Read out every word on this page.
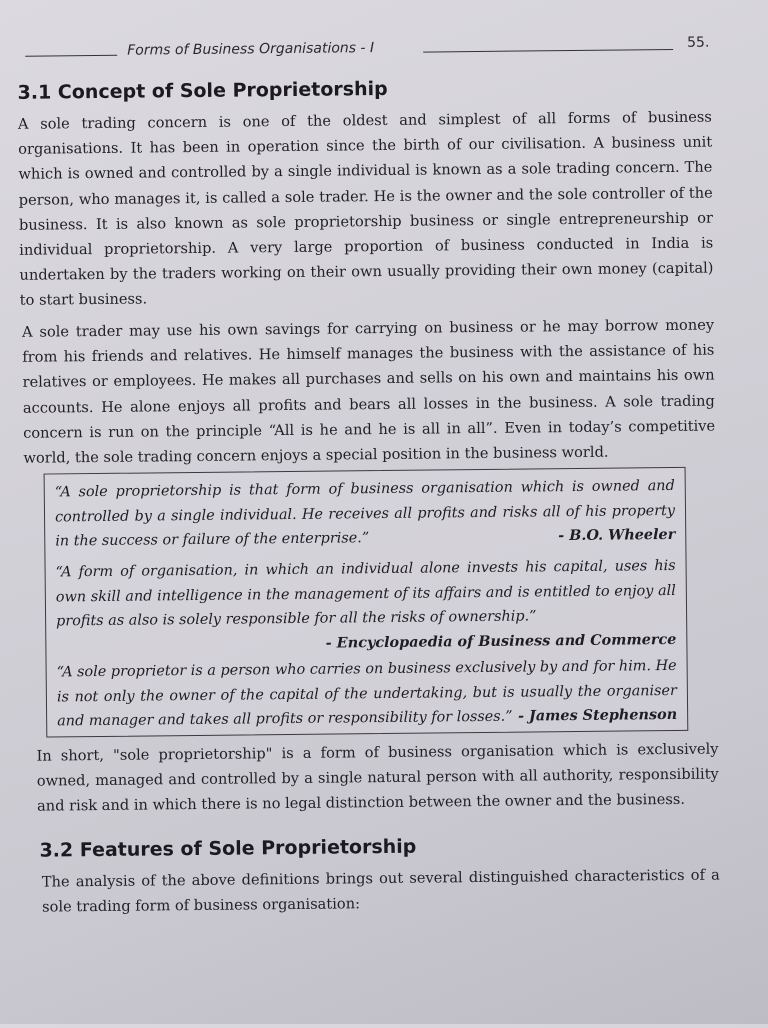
Forms of Business Organisations - I	55.
3.1 Concept of Sole Proprietorship

A sole trading concern is one of the oldest and simplest of all forms of business organisations. It has been in operation since the birth of our civilisation. A business unit which is owned and controlled by a single individual is known as a sole trading concern. The person, who manages it, is called a sole trader. He is the owner and the sole controller of the business. It is also known as sole proprietorship business or single entrepreneurship or individual proprietorship. A very large proportion of business conducted in India is undertaken by the traders working on their own usually providing their own money (capital) to start business.

A sole trader may use his own savings for carrying on business or he may borrow money from his friends and relatives. He himself manages the business with the assistance of his relatives or employees. He makes all purchases and sells on his own and maintains his own accounts. He alone enjoys all profits and bears all losses in the business. A sole trading concern is run on the principle “All is he and he is all in all”. Even in today’s competitive world, the sole trading concern enjoys a special position in the business world.

“A sole proprietorship is that form of business organisation which is owned and controlled by a single individual. He receives all profits and risks all of his property in the success or failure of the enterprise.”	- B.O. Wheeler
“A form of organisation, in which an individual alone invests his capital, uses his own skill and intelligence in the management of its affairs and is entitled to enjoy all profits as also is solely responsible for all the risks of ownership.”
- Encyclopaedia of Business and Commerce
“A sole proprietor is a person who carries on business exclusively by and for him. He is not only the owner of the capital of the undertaking, but is usually the organiser and manager and takes all profits or responsibility for losses.” - James Stephenson

In short, "sole proprietorship" is a form of business organisation which is exclusively owned, managed and controlled by a single natural person with all authority, responsibility and risk and in which there is no legal distinction between the owner and the business.

3.2 Features of Sole Proprietorship

The analysis of the above definitions brings out several distinguished characteristics of a sole trading form of business organisation:
